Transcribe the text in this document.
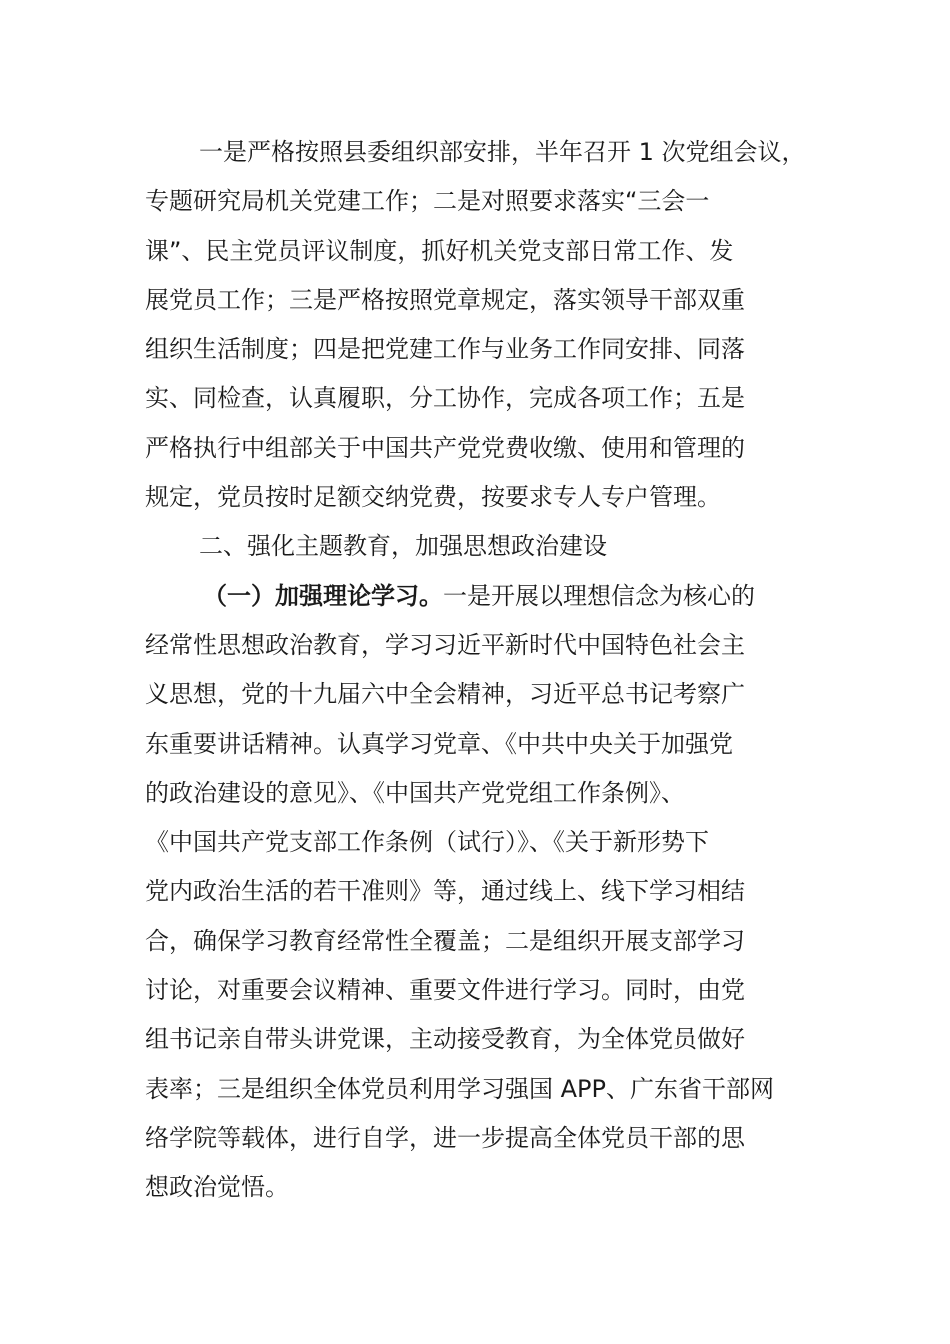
一是严格按照县委组织部安排，半年召开 1 次党组会议，
专题研究局机关党建工作；二是对照要求落实“三会一
课”、民主党员评议制度，抓好机关党支部日常工作、发
展党员工作；三是严格按照党章规定，落实领导干部双重
组织生活制度；四是把党建工作与业务工作同安排、同落
实、同检查，认真履职，分工协作，完成各项工作；五是
严格执行中组部关于中国共产党党费收缴、使用和管理的
规定，党员按时足额交纳党费，按要求专人专户管理。
二、强化主题教育，加强思想政治建设
（一）加强理论学习。一是开展以理想信念为核心的
经常性思想政治教育，学习习近平新时代中国特色社会主
义思想，党的十九届六中全会精神，习近平总书记考察广
东重要讲话精神。认真学习党章、《中共中央关于加强党
的政治建设的意见》、《中国共产党党组工作条例》、
《中国共产党支部工作条例（试行）》、《关于新形势下
党内政治生活的若干准则》等，通过线上、线下学习相结
合，确保学习教育经常性全覆盖；二是组织开展支部学习
讨论，对重要会议精神、重要文件进行学习。同时，由党
组书记亲自带头讲党课，主动接受教育，为全体党员做好
表率；三是组织全体党员利用学习强国 APP、广东省干部网
络学院等载体，进行自学，进一步提高全体党员干部的思
想政治觉悟。
